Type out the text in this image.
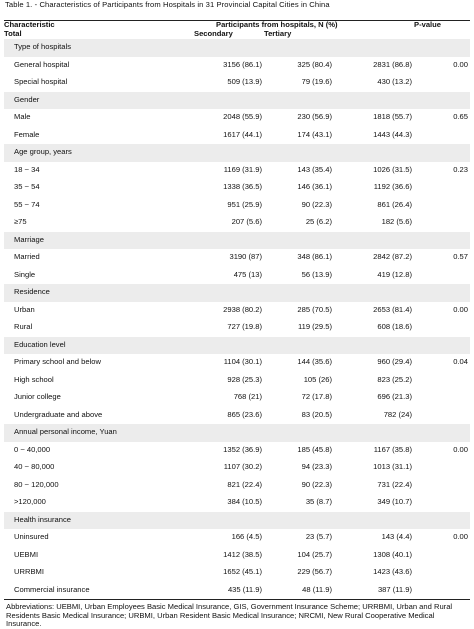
Table 1. - Characteristics of Participants from Hospitals in 31 Provincial Capital Cities in China
Characteristic	Participants from hospitals, N (%)			P-value
Total	Secondary	Tertiary		
Type of hospitals				
General hospital	3156 (86.1)	325 (80.4)	2831 (86.8)	0.00
Special hospital	509 (13.9)	79 (19.6)	430 (13.2)	
Gender				
Male	2048 (55.9)	230 (56.9)	1818 (55.7)	0.65
Female	1617 (44.1)	174 (43.1)	1443 (44.3)	
Age group, years				
18 ~ 34	1169 (31.9)	143 (35.4)	1026 (31.5)	0.23
35 ~ 54	1338 (36.5)	146 (36.1)	1192 (36.6)	
55 ~ 74	951 (25.9)	90 (22.3)	861 (26.4)	
≥75	207 (5.6)	25 (6.2)	182 (5.6)	
Marriage				
Married	3190 (87)	348 (86.1)	2842 (87.2)	0.57
Single	475 (13)	56 (13.9)	419 (12.8)	
Residence				
Urban	2938 (80.2)	285 (70.5)	2653 (81.4)	0.00
Rural	727 (19.8)	119 (29.5)	608 (18.6)	
Education level				
Primary school and below	1104 (30.1)	144 (35.6)	960 (29.4)	0.04
High school	928 (25.3)	105 (26)	823 (25.2)	
Junior college	768 (21)	72 (17.8)	696 (21.3)	
Undergraduate and above	865 (23.6)	83 (20.5)	782 (24)	
Annual personal income, Yuan				
0 ~ 40,000	1352 (36.9)	185 (45.8)	1167 (35.8)	0.00
40 ~ 80,000	1107 (30.2)	94 (23.3)	1013 (31.1)	
80 ~ 120,000	821 (22.4)	90 (22.3)	731 (22.4)	
>120,000	384 (10.5)	35 (8.7)	349 (10.7)	
Health insurance				
Uninsured	166 (4.5)	23 (5.7)	143 (4.4)	0.00
UEBMI	1412 (38.5)	104 (25.7)	1308 (40.1)	
URRBMI	1652 (45.1)	229 (56.7)	1423 (43.6)	
Commercial insurance	435 (11.9)	48 (11.9)	387 (11.9)	
Abbreviations: UEBMI, Urban Employees Basic Medical Insurance, GIS, Government Insurance Scheme; URRBMI, Urban and Rural Residents Basic Medical Insurance; URBMI, Urban Resident Basic Medical Insurance; NRCMI, New Rural Cooperative Medical Insurance.
